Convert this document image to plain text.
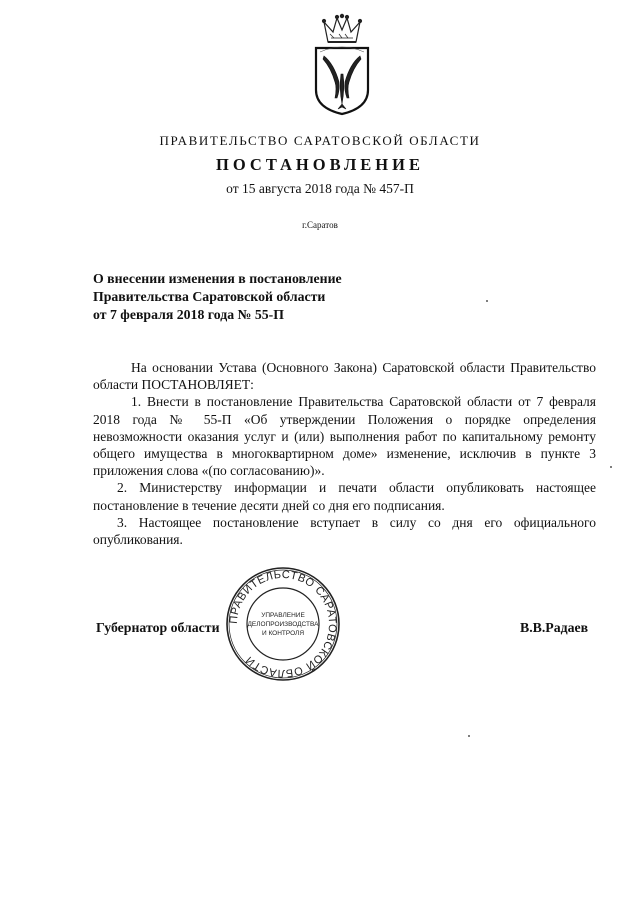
ПРАВИТЕЛЬСТВО САРАТОВСКОЙ ОБЛАСТИ
ПОСТАНОВЛЕНИЕ
от 15 августа 2018 года № 457-П
г.Саратов
О внесении изменения в постановление
Правительства Саратовской области
от 7 февраля 2018 года № 55-П

На основании Устава (Основного Закона) Саратовской области Правительство области ПОСТАНОВЛЯЕТ:

1. Внести в постановление Правительства Саратовской области от 7 февраля 2018 года № 55-П «Об утверждении Положения о порядке определения невозможности оказания услуг и (или) выполнения работ по капитальному ремонту общего имущества в многоквартирном доме» изменение, исключив в пункте 3 приложения слова «(по согласованию)».

2. Министерству информации и печати области опубликовать настоящее постановление в течение десяти дней со дня его подписания.

3. Настоящее постановление вступает в силу со дня его официального опубликования.

Губернатор области	В.В.Радаев
ПРАВИТЕЛЬСТВО САРАТОВСКОЙ ОБЛАСТИ
УПРАВЛЕНИЕ
ДЕЛОПРОИЗВОДСТВА
И КОНТРОЛЯ
